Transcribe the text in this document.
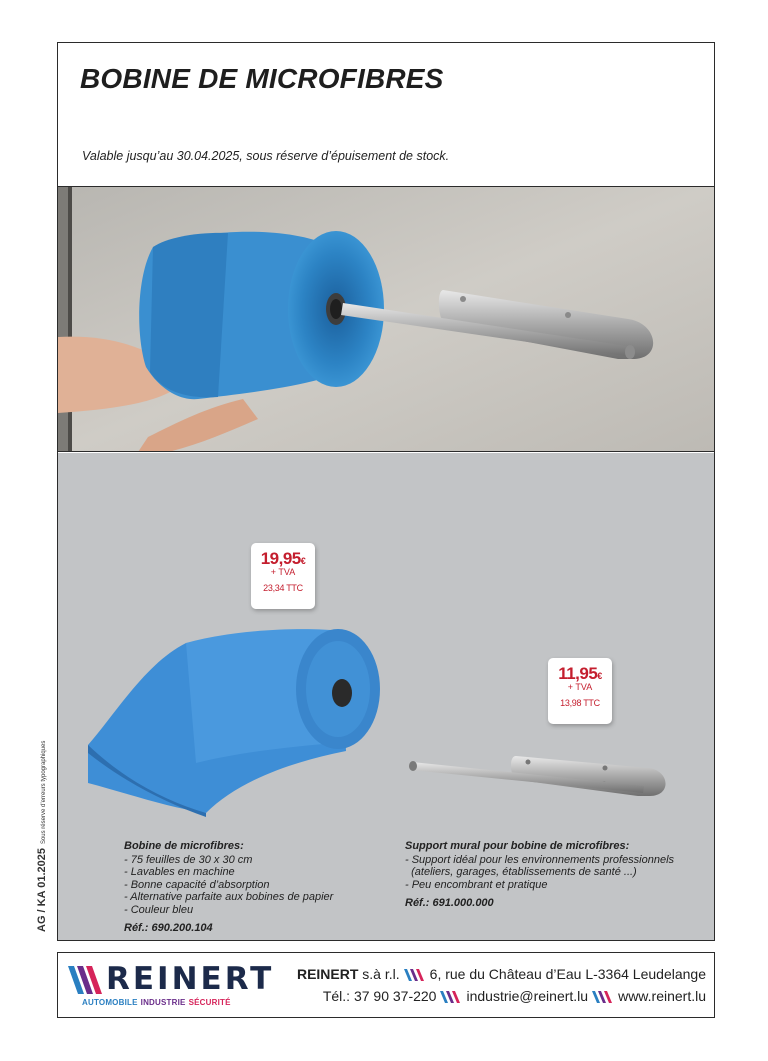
BOBINE DE MICROFIBRES
Valable jusqu’au 30.04.2025, sous réserve d’épuisement de stock.
19,95€
+ TVA
23,34 TTC
11,95€
+ TVA
13,98 TTC
Bobine de microfibres:
- 75 feuilles de 30 x 30 cm
- Lavables en machine
- Bonne capacité d’absorption
- Alternative parfaite aux bobines de papier
- Couleur bleu
Réf.: 690.200.104
Support mural pour bobine de microfibres:
- Support idéal pour les environnements professionnels
(ateliers, garages, établissements de santé ...)
- Peu encombrant et pratique
Réf.: 691.000.000
AG / KA 01.2025Sous réserve d’erreurs typographiques
REINERT
AUTOMOBILE INDUSTRIE SÉCURITÉ
REINERT s.à r.l. 6, rue du Château d’Eau L-3364 Leudelange
Tél.: 37 90 37-220 industrie@reinert.lu www.reinert.lu
